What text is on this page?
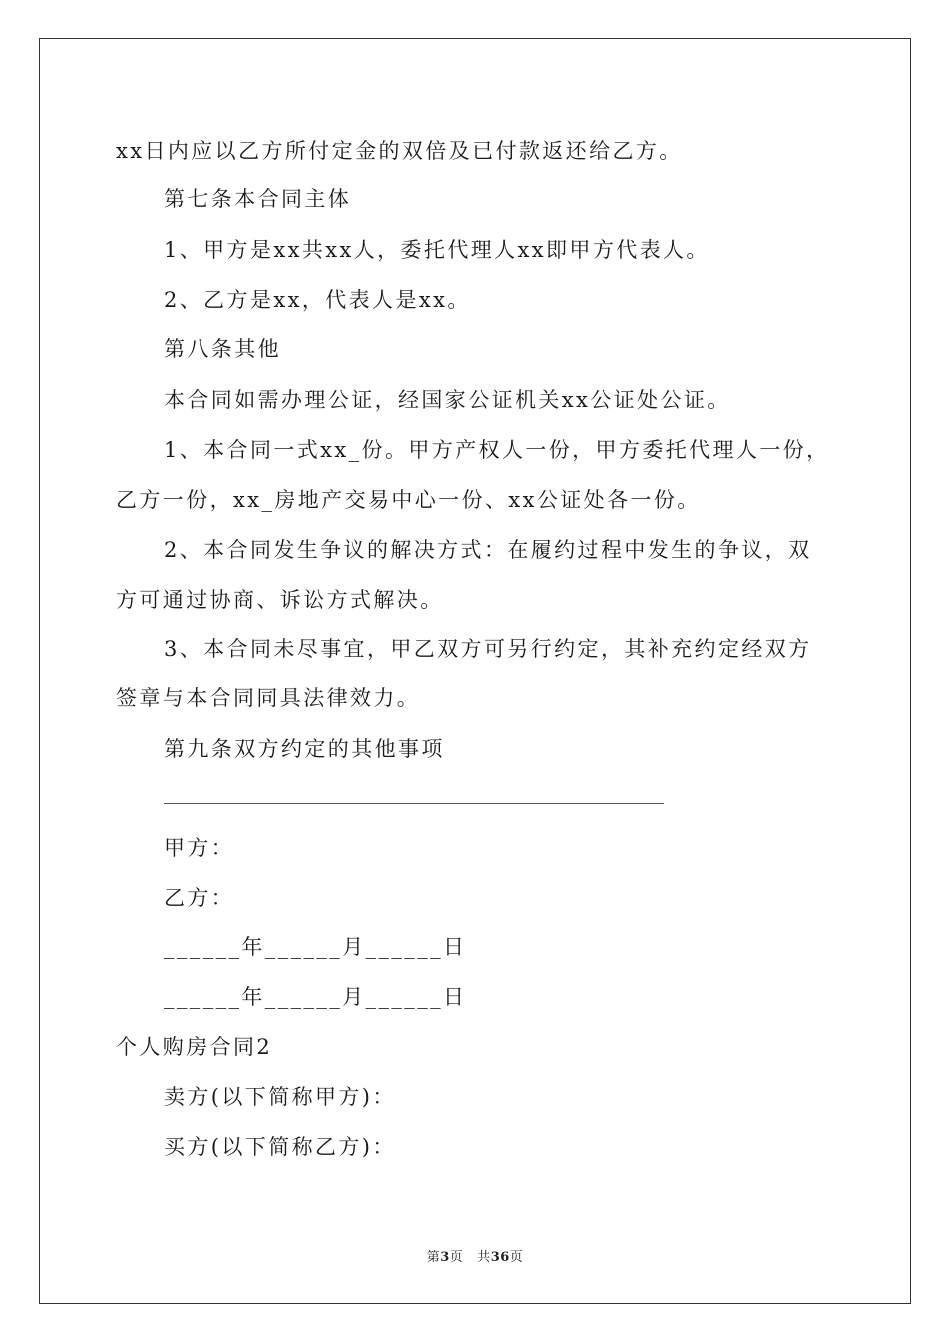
xx日内应以乙方所付定金的双倍及已付款返还给乙方。
第七条本合同主体
1、甲方是xx共xx人，委托代理人xx即甲方代表人。
2、乙方是xx，代表人是xx。
第八条其他
本合同如需办理公证，经国家公证机关xx公证处公证。
1、本合同一式xx_份。甲方产权人一份，甲方委托代理人一份，
乙方一份，xx_房地产交易中心一份、xx公证处各一份。
2、本合同发生争议的解决方式：在履约过程中发生的争议，双
方可通过协商、诉讼方式解决。
3、本合同未尽事宜，甲乙双方可另行约定，其补充约定经双方
签章与本合同同具法律效力。
第九条双方约定的其他事项
甲方：
乙方：
______年______月______日
______年______月______日
个人购房合同2
卖方(以下简称甲方)：
买方(以下简称乙方)：
第3页 共36页
